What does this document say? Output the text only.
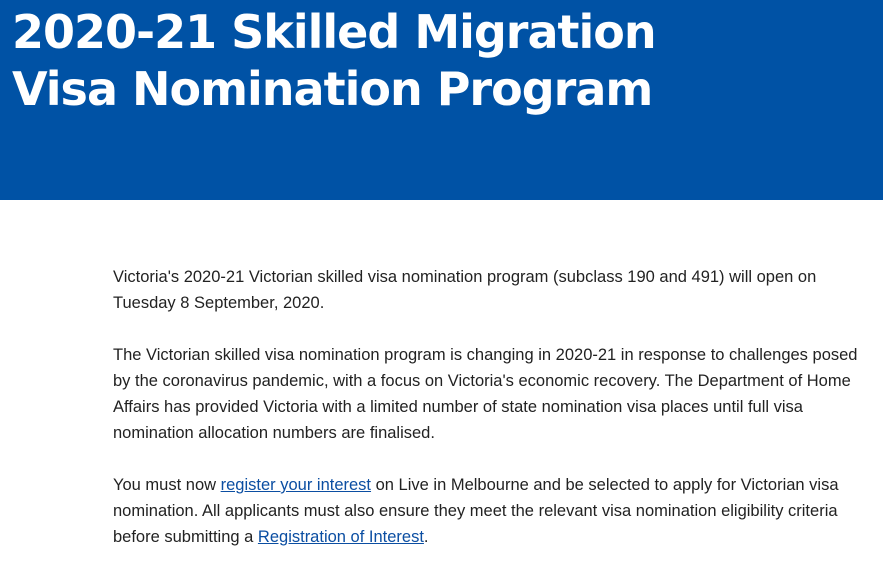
2020-21 Skilled Migration
Visa Nomination Program

Victoria's 2020-21 Victorian skilled visa nomination program (subclass 190 and 491) will open on Tuesday 8 September, 2020.

The Victorian skilled visa nomination program is changing in 2020-21 in response to challenges posed by the coronavirus pandemic, with a focus on Victoria's economic recovery. The Department of Home Affairs has provided Victoria with a limited number of state nomination visa places until full visa nomination allocation numbers are finalised.

You must now register your interest on Live in Melbourne and be selected to apply for Victorian visa nomination. All applicants must also ensure they meet the relevant visa nomination eligibility criteria before submitting a Registration of Interest.
